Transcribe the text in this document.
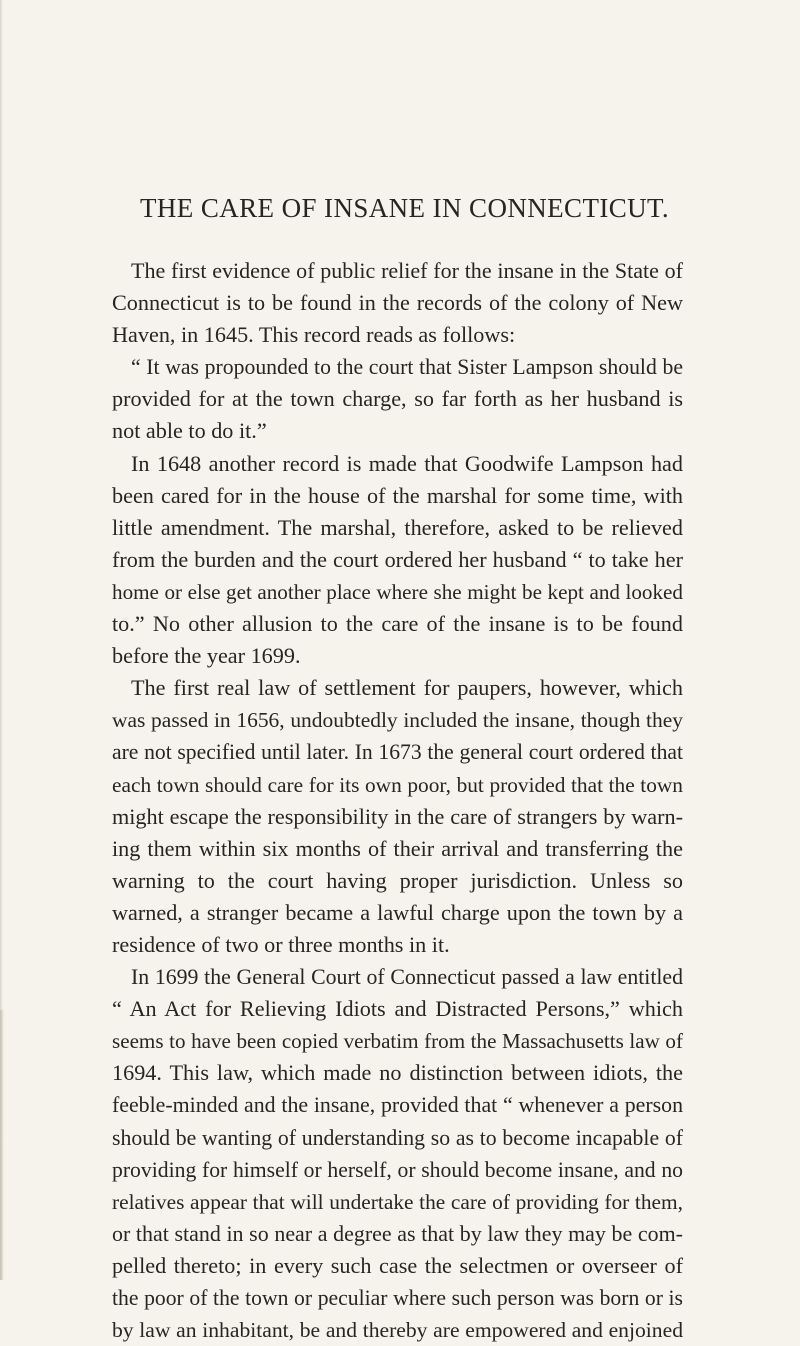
THE CARE OF INSANE IN CONNECTICUT.
The first evidence of public relief for the insane in the State of
Connecticut is to be found in the records of the colony of New
Haven, in 1645. This record reads as follows:
“ It was propounded to the court that Sister Lampson should be
provided for at the town charge, so far forth as her husband is
not able to do it.”
In 1648 another record is made that Goodwife Lampson had
been cared for in the house of the marshal for some time, with
little amendment. The marshal, therefore, asked to be relieved
from the burden and the court ordered her husband “ to take her
home or else get another place where she might be kept and looked
to.” No other allusion to the care of the insane is to be found
before the year 1699.
The first real law of settlement for paupers, however, which
was passed in 1656, undoubtedly included the insane, though they
are not specified until later. In 1673 the general court ordered that
each town should care for its own poor, but provided that the town
might escape the responsibility in the care of strangers by warn-
ing them within six months of their arrival and transferring the
warning to the court having proper jurisdiction. Unless so
warned, a stranger became a lawful charge upon the town by a
residence of two or three months in it.
In 1699 the General Court of Connecticut passed a law entitled
“ An Act for Relieving Idiots and Distracted Persons,” which
seems to have been copied verbatim from the Massachusetts law of
1694. This law, which made no distinction between idiots, the
feeble-minded and the insane, provided that “ whenever a person
should be wanting of understanding so as to become incapable of
providing for himself or herself, or should become insane, and no
relatives appear that will undertake the care of providing for them,
or that stand in so near a degree as that by law they may be com-
pelled thereto; in every such case the selectmen or overseer of
the poor of the town or peculiar where such person was born or is
by law an inhabitant, be and thereby are empowered and enjoined
